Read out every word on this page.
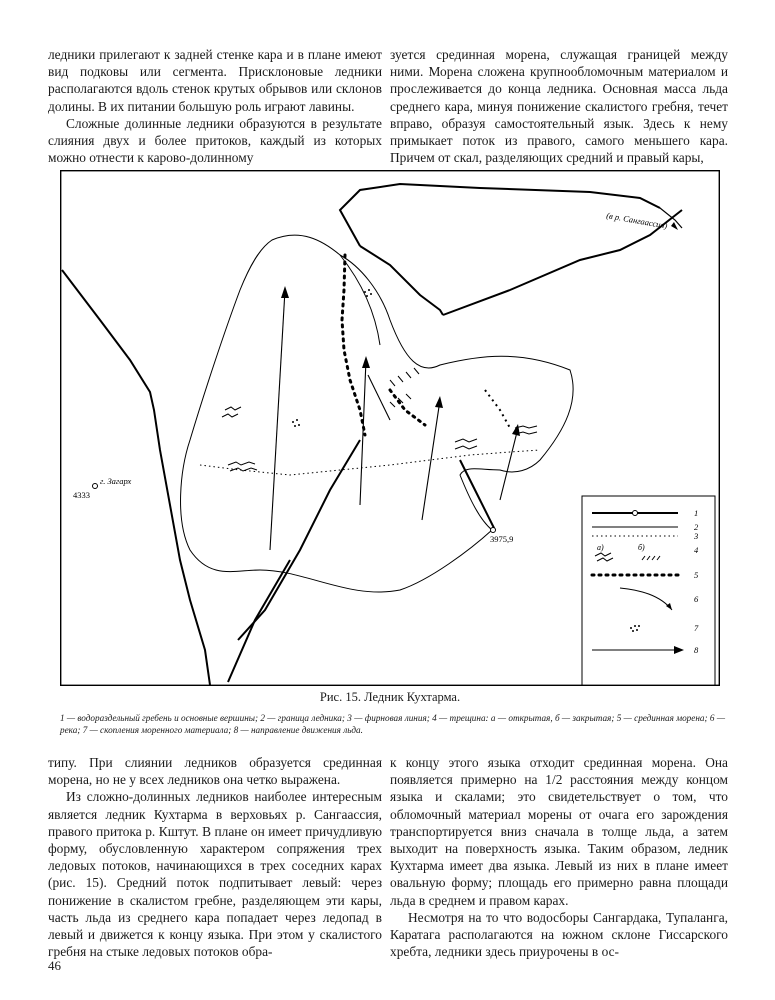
ледники прилегают к задней стенке кара и в плане имеют вид подковы или сегмента. Присклоновые ледники располагаются вдоль стенок крутых обрывов или склонов долины. В их питании большую роль играют лавины.

Сложные долинные ледники образуются в результате слияния двух и более притоков, каждый из которых можно отнести к карово-долинному

зуется срединная морена, служащая границей между ними. Морена сложена крупнообломочным материалом и прослеживается до конца ледника. Основная масса льда среднего кара, минуя понижение скалистого гребня, течет вправо, образуя самостоятельный язык. Здесь к нему примыкает поток из правого, самого меньшего кара. Причем от скал, разделяющих средний и правый кары,

4333
г. Загарх
3975,9
(в р. Сангаассия)
1
2
3
а)	б)	4
5
6
7
8
Рис. 15. Ледник Кухтарма.
1 — водораздельный гребень и основные вершины; 2 — граница ледника; 3 — фирновая линия; 4 — трещина: а — открытая, б — закрытая; 5 — срединная морена; 6 — река; 7 — скопления моренного материала; 8 — направление движения льда.

типу. При слиянии ледников образуется срединная морена, но не у всех ледников она четко выражена.

Из сложно-долинных ледников наиболее интересным является ледник Кухтарма в верховьях р. Сангаассия, правого притока р. Кштут. В плане он имеет причудливую форму, обусловленную характером сопряжения трех ледовых потоков, начинающихся в трех соседних карах (рис. 15). Средний поток подпитывает левый: через понижение в скалистом гребне, разделяющем эти кары, часть льда из среднего кара попадает через ледопад в левый и движется к концу языка. При этом у скалистого гребня на стыке ледовых потоков обра-

к концу этого языка отходит срединная морена. Она появляется примерно на 1/2 расстояния между концом языка и скалами; это свидетельствует о том, что обломочный материал морены от очага его зарождения транспортируется вниз сначала в толще льда, а затем выходит на поверхность языка. Таким образом, ледник Кухтарма имеет два языка. Левый из них в плане имеет овальную форму; площадь его примерно равна площади льда в среднем и правом карах.

Несмотря на то что водосборы Сангардака, Тупаланга, Каратага располагаются на южном склоне Гиссарского хребта, ледники здесь приурочены в ос-

46
